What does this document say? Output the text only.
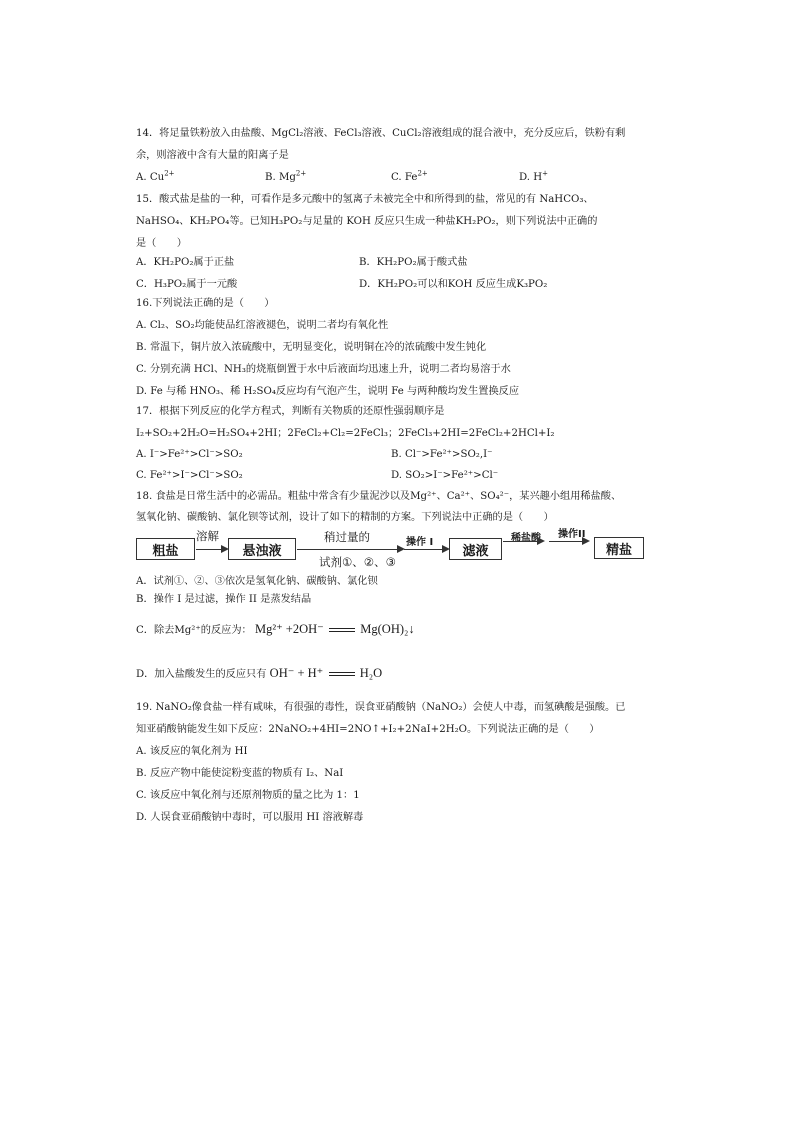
14．将足量铁粉放入由盐酸、MgCl₂溶液、FeCl₃溶液、CuCl₂溶液组成的混合液中，充分反应后，铁粉有剩
余，则溶液中含有大量的阳离子是
A. $Cu^{2+}$	B. $Mg^{2+}$	C. $Fe^{2+}$	D. H+
15．酸式盐是盐的一种，可看作是多元酸中的氢离子未被完全中和所得到的盐，常见的有 NaHCO₃、
NaHSO₄、KH₂PO₄等。已知H₃PO₂与足量的 KOH 反应只生成一种盐KH₂PO₂，则下列说法中正确的
是（　　）
A．KH₂PO₂属于正盐	B．KH₂PO₂属于酸式盐
C．H₃PO₂属于一元酸	D．KH₂PO₂可以和KOH 反应生成K₃PO₂
16.下列说法正确的是（　　）
A. Cl₂、SO₂均能使品红溶液褪色，说明二者均有氧化性
B. 常温下，铜片放入浓硫酸中，无明显变化，说明铜在冷的浓硫酸中发生钝化
C. 分别充满 HCl、NH₃的烧瓶倒置于水中后液面均迅速上升，说明二者均易溶于水
D. Fe 与稀 HNO₃、稀 H₂SO₄反应均有气泡产生，说明 Fe 与两种酸均发生置换反应
17．根据下列反应的化学方程式，判断有关物质的还原性强弱顺序是
I₂+SO₂+2H₂O=H₂SO₄+2HI；2FeCl₂+Cl₂=2FeCl₃；2FeCl₃+2HI=2FeCl₂+2HCl+I₂
A. I⁻>Fe²⁺>Cl⁻>SO₂	B. Cl⁻>Fe²⁺>SO₂,I⁻
C. Fe²⁺>I⁻>Cl⁻>SO₂	D. SO₂>I⁻>Fe²⁺>Cl⁻
18. 食盐是日常生活中的必需品。粗盐中常含有少量泥沙以及Mg²⁺、Ca²⁺、SO₄²⁻，某兴趣小组用稀盐酸、
氢氧化钠、碳酸钠、氯化钡等试剂，设计了如下的精制的方案。下列说法中正确的是（　　）
粗盐
溶解
悬浊液
稍过量的
试剂①、②、③
操作 I
滤液
稀盐酸 操作II
精盐
A．试剂①、②、③依次是氢氧化钠、碳酸钠、氯化钡
B．操作 I 是过滤，操作 II 是蒸发结晶
C．除去Mg²⁺的反应为： Mg²⁺ +2OH⁻	Mg(OH)₂↓
D．加入盐酸发生的反应只有 OH⁻ + H⁺	H₂O
19. NaNO₂像食盐一样有咸味，有很强的毒性，误食亚硝酸钠（NaNO₂）会使人中毒，而氢碘酸是强酸。已
知亚硝酸钠能发生如下反应：2NaNO₂+4HI=2NO↑+I₂+2NaI+2H₂O。下列说法正确的是（　　）
A. 该反应的氧化剂为 HI
B. 反应产物中能使淀粉变蓝的物质有 I₂、NaI
C. 该反应中氧化剂与还原剂物质的量之比为 1：1
D. 人误食亚硝酸钠中毒时，可以服用 HI 溶液解毒
